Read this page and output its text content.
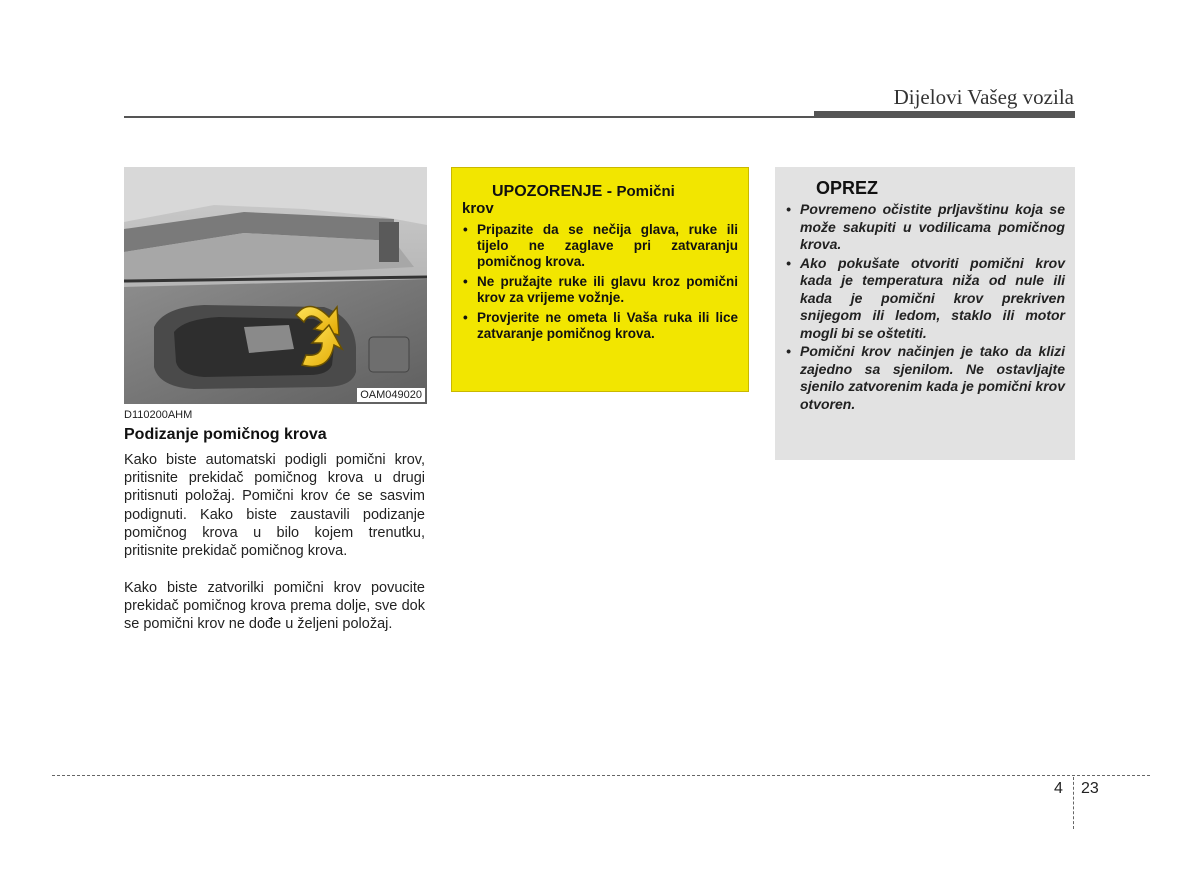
Dijelovi Vašeg vozila
OAM049020
D110200AHM
Podizanje pomičnog krova

Kako biste automatski podigli pomični krov, pritisnite prekidač pomičnog krova u drugi pritisnuti položaj. Pomični krov će se sasvim podignuti. Kako biste zaustavili podizanje pomičnog krova u bilo kojem trenutku, pritisnite prekidač pomičnog krova.

Kako biste zatvorilki pomični krov povucite prekidač pomičnog krova prema dolje, sve dok se pomični krov ne dođe u željeni položaj.

UPOZORENJE - Pomični
krov
• Pripazite da se nečija glava, ruke ili tijelo ne zaglave pri zatvaranju pomičnog krova.
• Ne pružajte ruke ili glavu kroz pomični krov za vrijeme vožnje.
• Provjerite ne ometa li Vaša ruka ili lice zatvaranje pomičnog krova.
OPREZ
• Povremeno očistite prljavštinu koja se može sakupiti u vodilicama pomičnog krova.
• Ako pokušate otvoriti pomični krov kada je temperatura niža od nule ili kada je pomični krov prekriven snijegom ili ledom, staklo ili motor mogli bi se oštetiti.
• Pomični krov načinjen je tako da klizi zajedno sa sjenilom. Ne ostavljajte sjenilo zatvorenim kada je pomični krov otvoren.
4 23
